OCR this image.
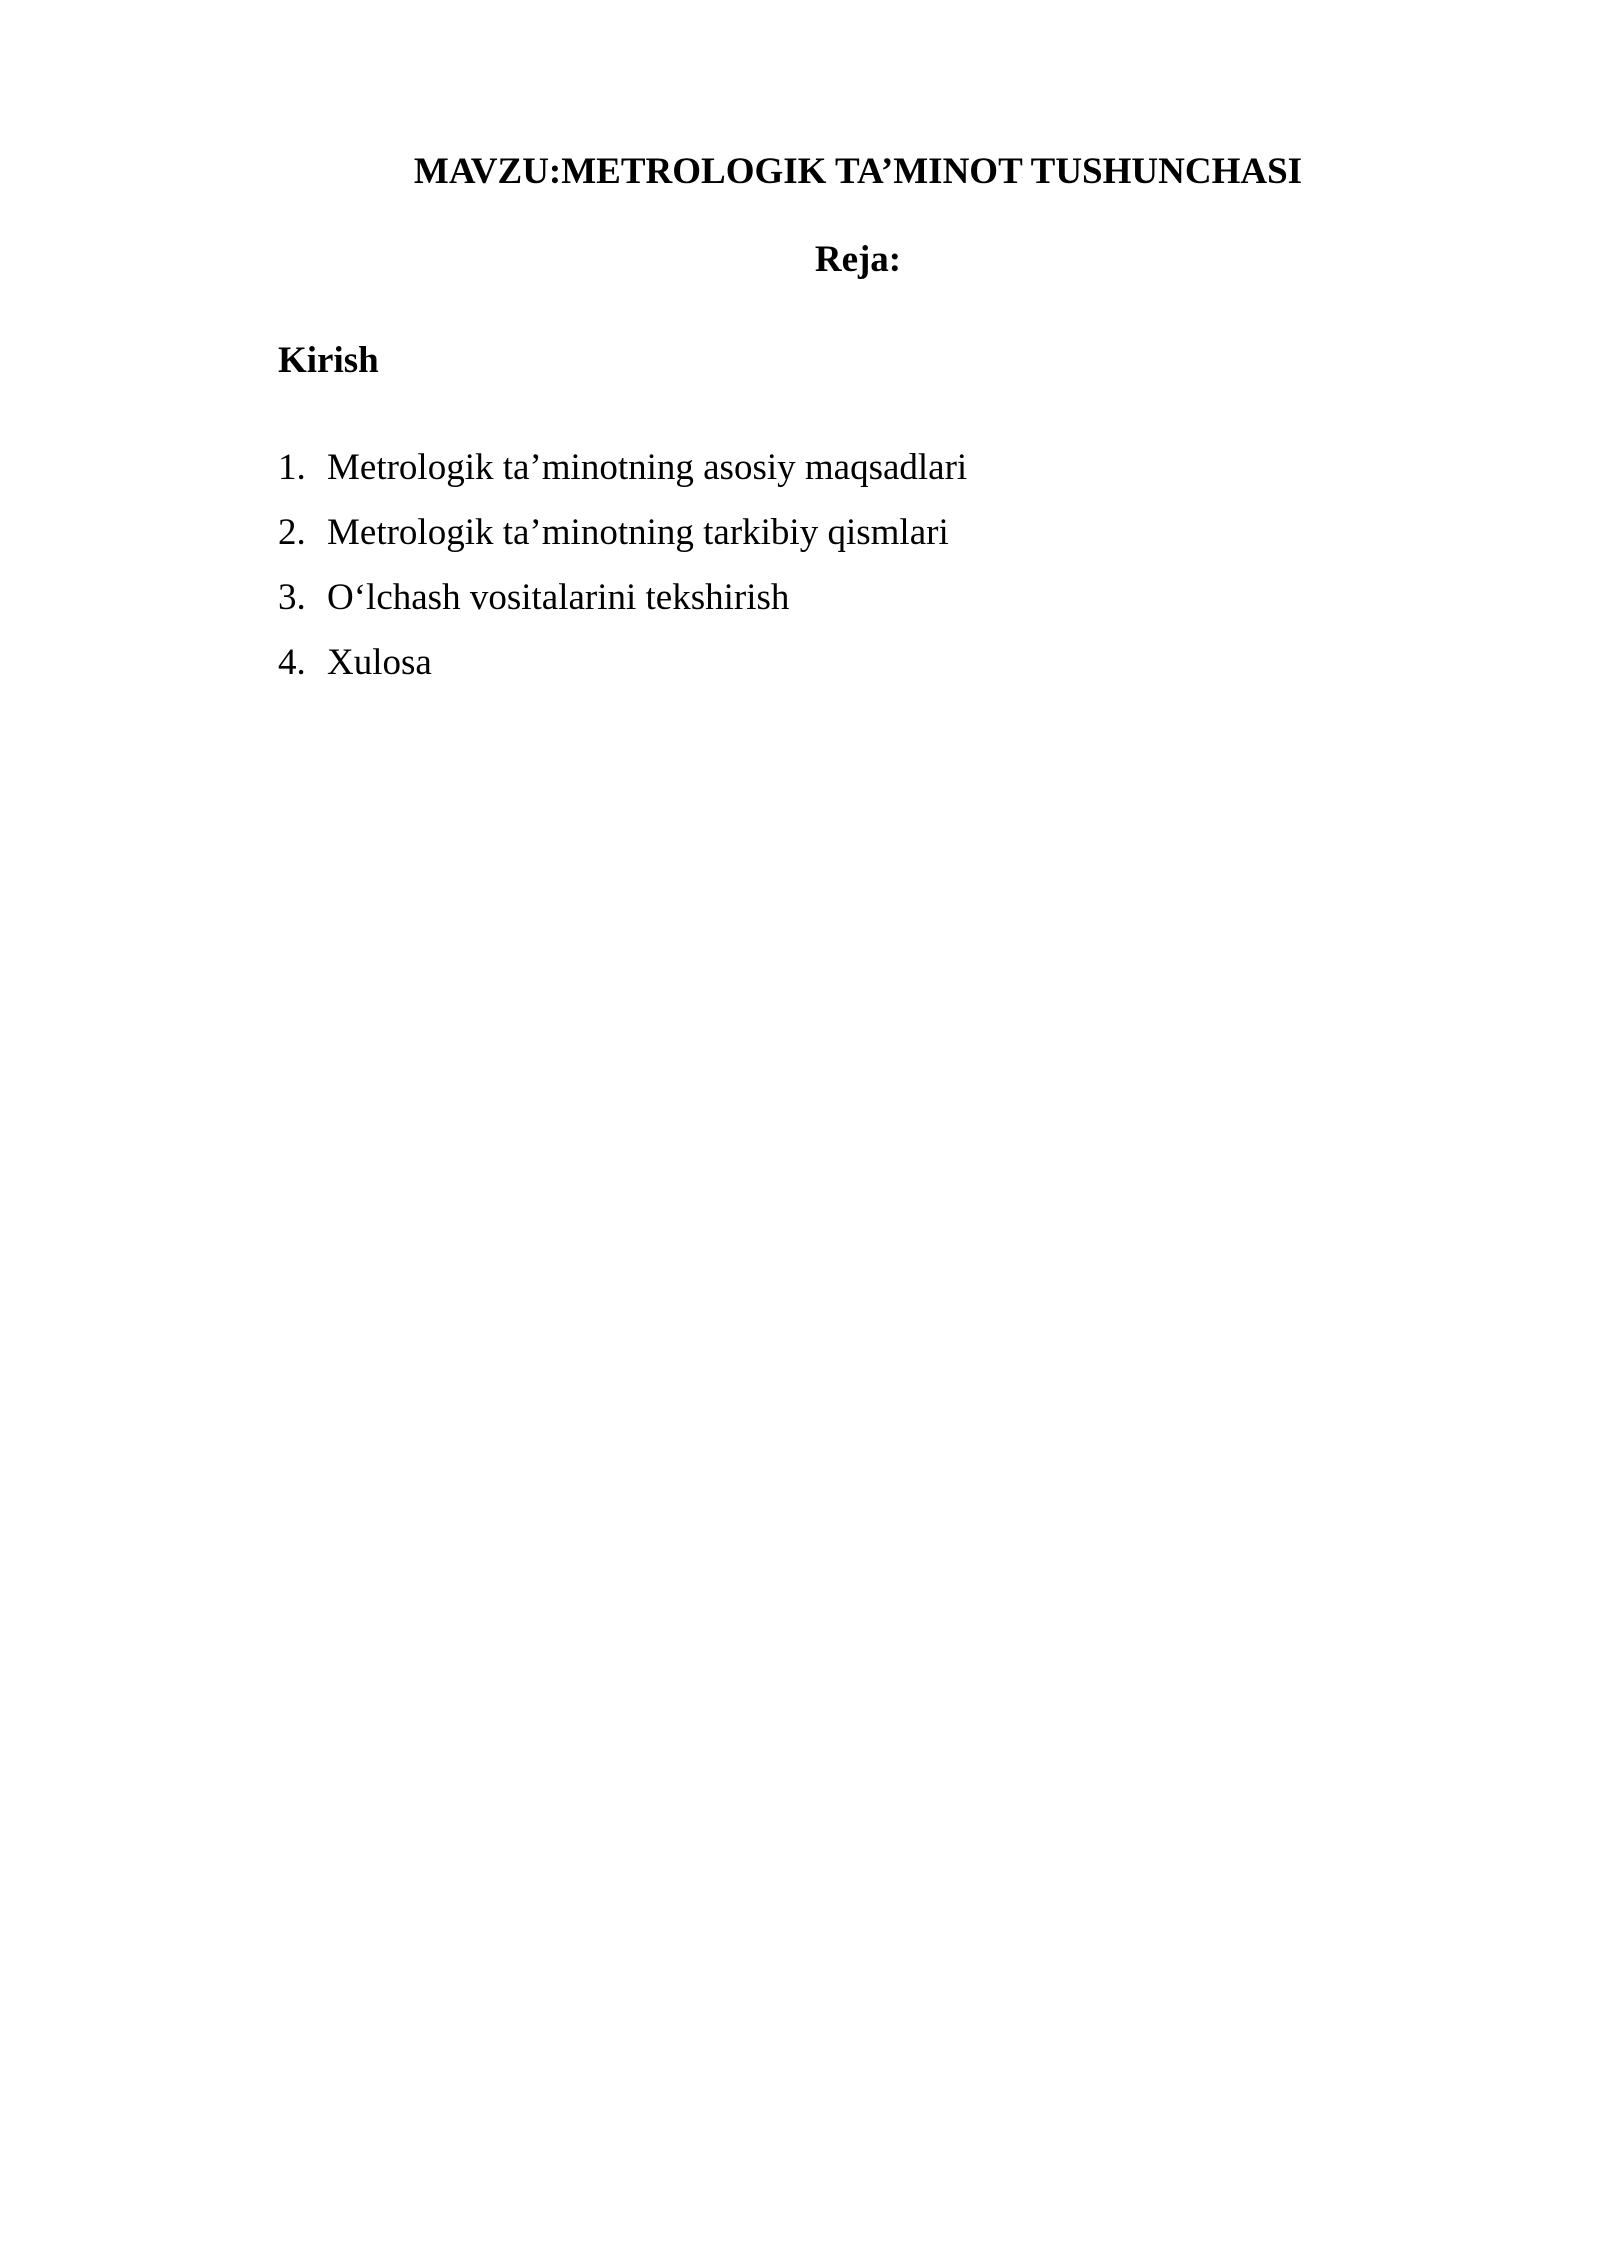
MAVZU:METROLOGIK TA’MINOT TUSHUNCHASI
Reja:
Kirish
1. Metrologik ta’minotning asosiy maqsadlari
2. Metrologik ta’minotning tarkibiy qismlari
3. O‘lchash vositalarini tekshirish
4. Xulosa
